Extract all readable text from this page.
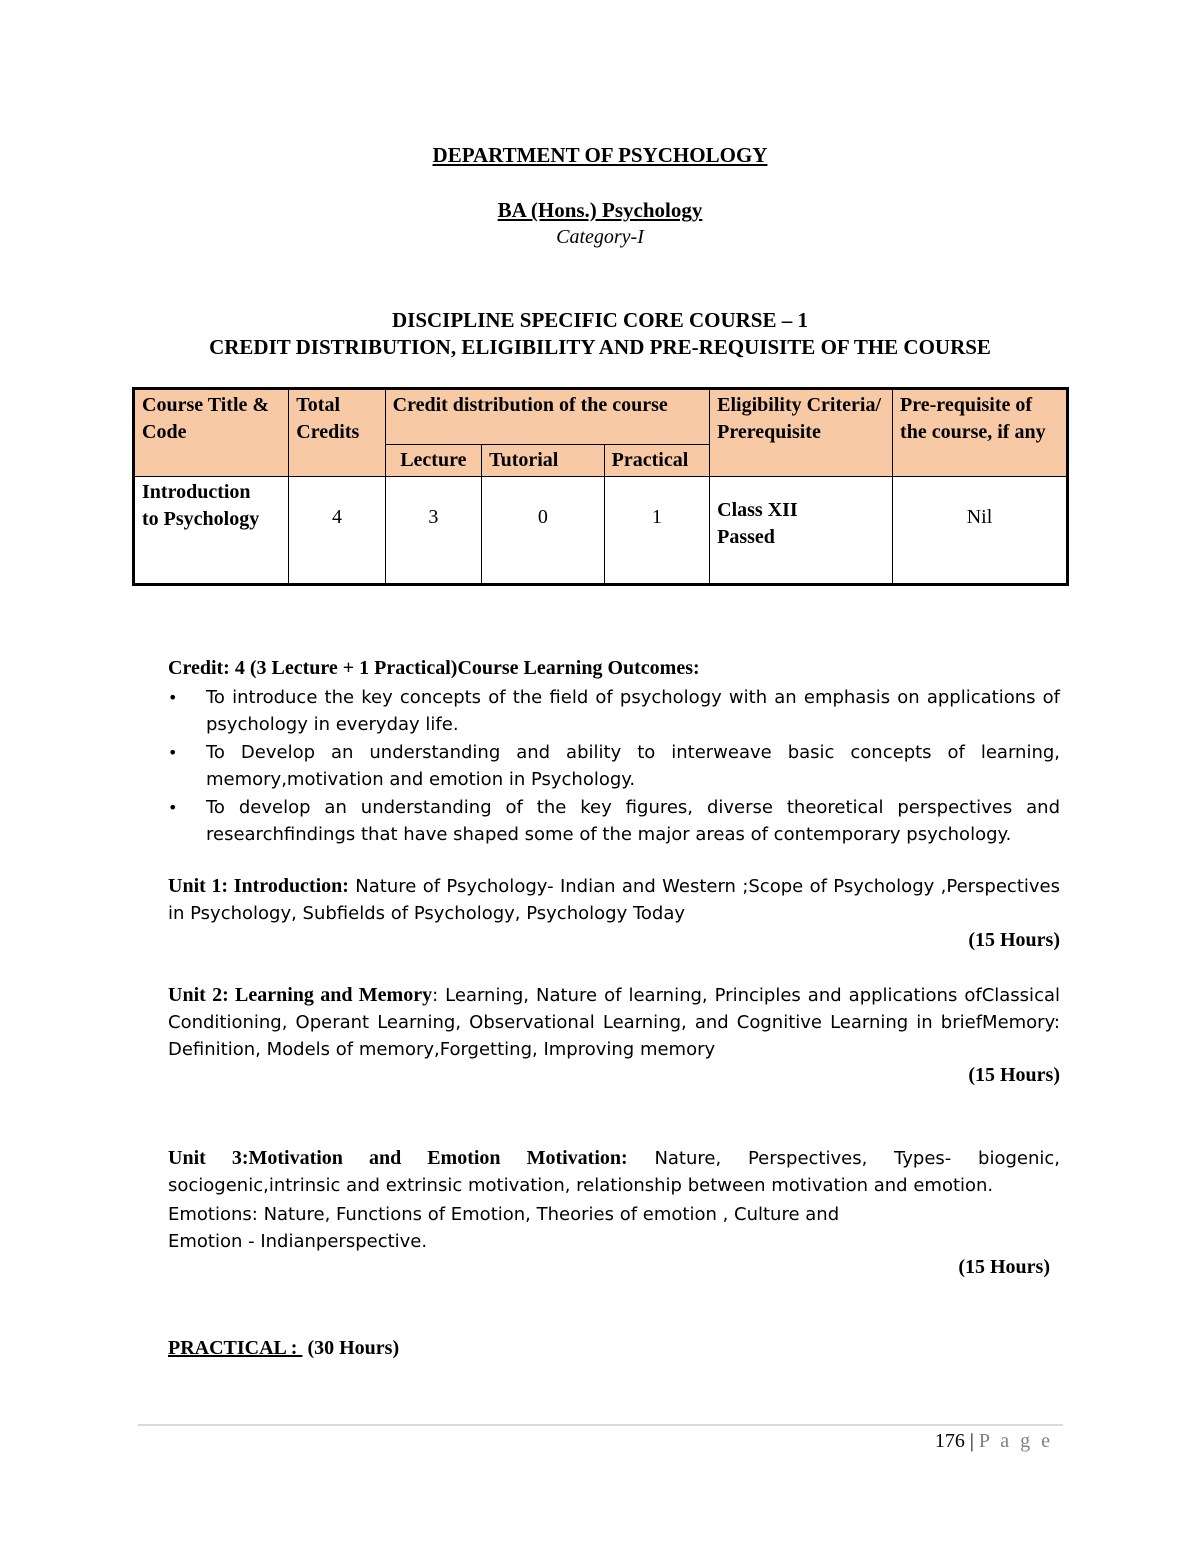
DEPARTMENT OF PSYCHOLOGY
BA (Hons.) Psychology
Category-I
DISCIPLINE SPECIFIC CORE COURSE – 1
CREDIT DISTRIBUTION, ELIGIBILITY AND PRE-REQUISITE OF THE COURSE
Course Title & Code	Total Credits	Credit distribution of the course			Eligibility Criteria/ Prerequisite	Pre-requisite of the course, if any
		Lecture	Tutorial	Practical		

Introduction to Psychology	4	3	0	1	Class XII Passed	Nil
Credit: 4 (3 Lecture + 1 Practical)Course Learning Outcomes:
• To introduce the key concepts of the field of psychology with an emphasis on applications of psychology in everyday life.
• To Develop an understanding and ability to interweave basic concepts of learning, memory,motivation and emotion in Psychology.
• To develop an understanding of the key figures, diverse theoretical perspectives and researchfindings that have shaped some of the major areas of contemporary psychology.
Unit 1: Introduction: Nature of Psychology- Indian and Western ;Scope of Psychology ,Perspectives in Psychology, Subfields of Psychology, Psychology Today
(15 Hours)
Unit 2: Learning and Memory: Learning, Nature of learning, Principles and applications ofClassical Conditioning, Operant Learning, Observational Learning, and Cognitive Learning in briefMemory: Definition, Models of memory,Forgetting, Improving memory
(15 Hours)
Unit 3:Motivation and Emotion Motivation: Nature, Perspectives, Types- biogenic, sociogenic,intrinsic and extrinsic motivation, relationship between motivation and emotion.
Emotions: Nature, Functions of Emotion, Theories of emotion , Culture and
Emotion - Indianperspective.
(15 Hours)
PRACTICAL :  (30 Hours)
176 | P a g e
